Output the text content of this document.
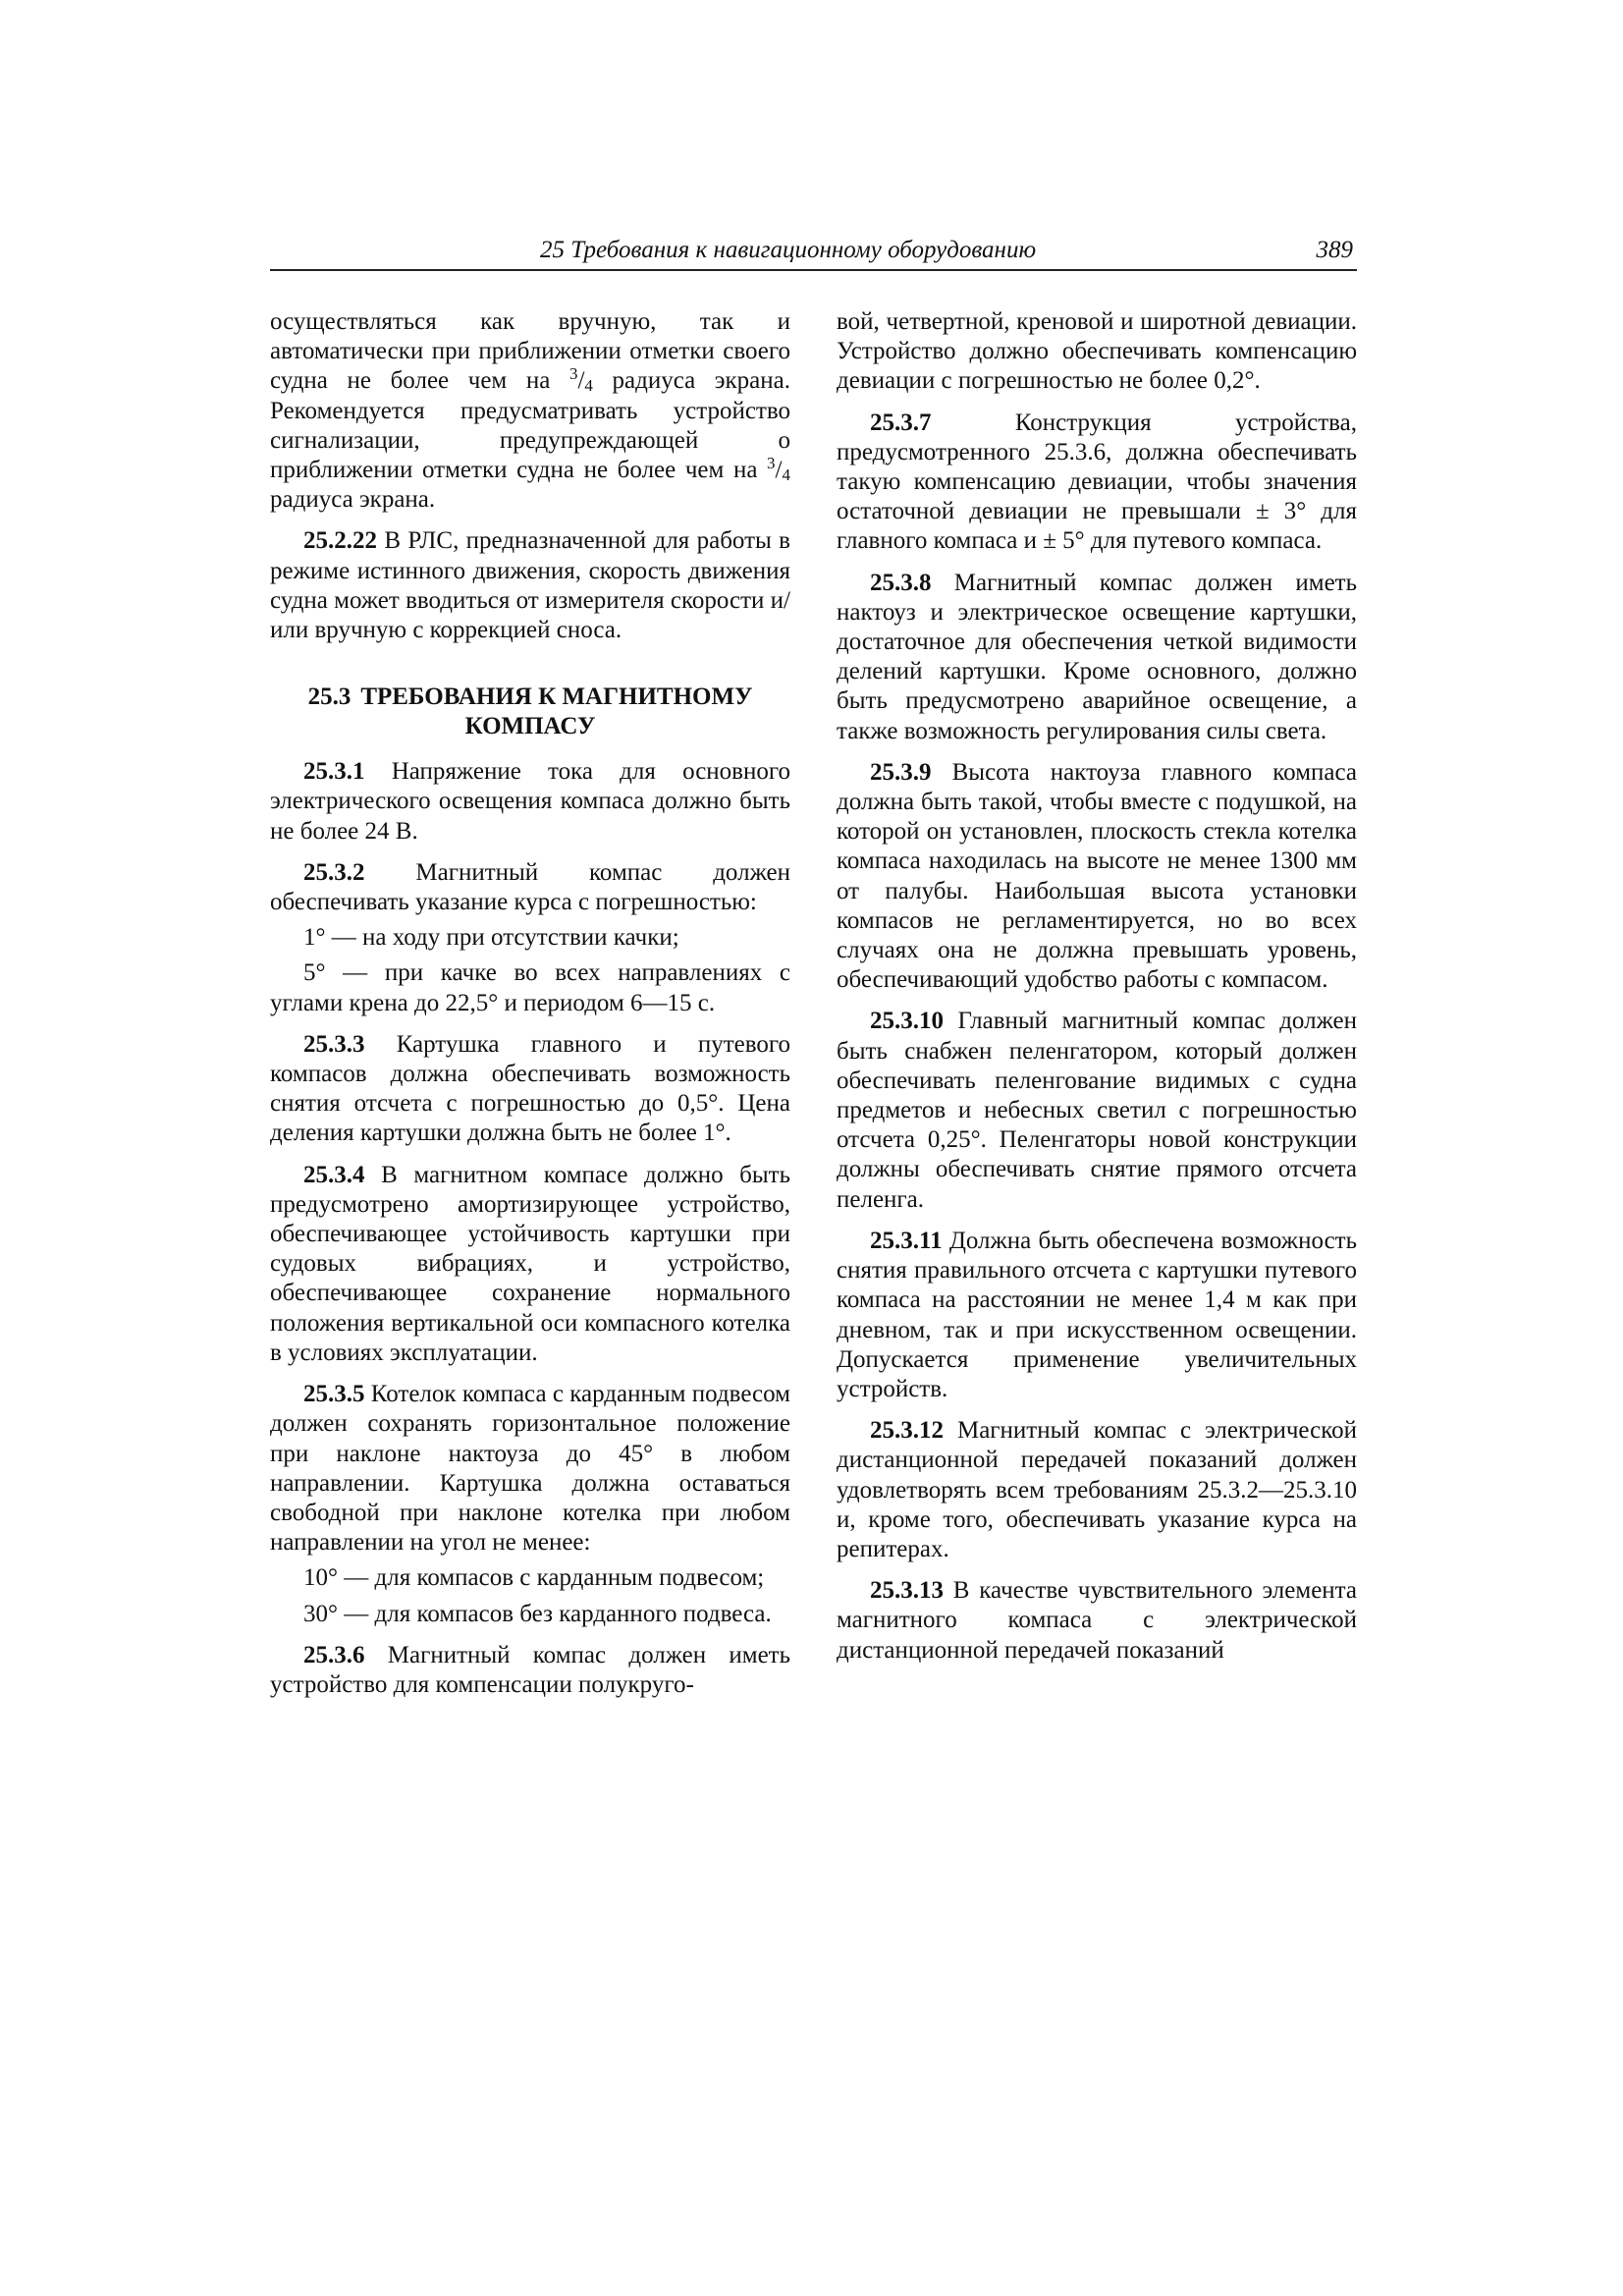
25 Требования к навигационному оборудованию	389

осуществляться как вручную, так и автоматически при приближении отметки своего судна не более чем на $^3/_4$ радиуса экрана. Рекомендуется предусматривать устройство сигнализации, предупреждающей о приближении отметки судна не более чем на $^3/_4$ радиуса экрана.

25.2.22 В РЛС, предназначенной для работы в режиме истинного движения, скорость движения судна может вводиться от измерителя скорости и/или вручную с коррекцией сноса.

25.3 ТРЕБОВАНИЯ К МАГНИТНОМУ КОМПАСУ

25.3.1 Напряжение тока для основного электрического освещения компаса должно быть не более 24 В.

25.3.2 Магнитный компас должен обеспечивать указание курса с погрешностью:

1° — на ходу при отсутствии качки;

5° — при качке во всех направлениях с углами крена до 22,5° и периодом 6—15 с.

25.3.3 Картушка главного и путевого компасов должна обеспечивать возможность снятия отсчета с погрешностью до 0,5°. Цена деления картушки должна быть не более 1°.

25.3.4 В магнитном компасе должно быть предусмотрено амортизирующее устройство, обеспечивающее устойчивость картушки при судовых вибрациях, и устройство, обеспечивающее сохранение нормального положения вертикальной оси компасного котелка в условиях эксплуатации.

25.3.5 Котелок компаса с карданным подвесом должен сохранять горизонтальное положение при наклоне нактоуза до 45° в любом направлении. Картушка должна оставаться свободной при наклоне котелка при любом направлении на угол не менее:

10° — для компасов с карданным подвесом;

30° — для компасов без карданного подвеса.

25.3.6 Магнитный компас должен иметь устройство для компенсации полукруго-

вой, четвертной, креновой и широтной девиации. Устройство должно обеспечивать компенсацию девиации с погрешностью не более 0,2°.

25.3.7 Конструкция устройства, предусмотренного 25.3.6, должна обеспечивать такую компенсацию девиации, чтобы значения остаточной девиации не превышали ± 3° для главного компаса и ± 5° для путевого компаса.

25.3.8 Магнитный компас должен иметь нактоуз и электрическое освещение картушки, достаточное для обеспечения четкой видимости делений картушки. Кроме основного, должно быть предусмотрено аварийное освещение, а также возможность регулирования силы света.

25.3.9 Высота нактоуза главного компаса должна быть такой, чтобы вместе с подушкой, на которой он установлен, плоскость стекла котелка компаса находилась на высоте не менее 1300 мм от палубы. Наибольшая высота установки компасов не регламентируется, но во всех случаях она не должна превышать уровень, обеспечивающий удобство работы с компасом.

25.3.10 Главный магнитный компас должен быть снабжен пеленгатором, который должен обеспечивать пеленгование видимых с судна предметов и небесных светил с погрешностью отсчета 0,25°. Пеленгаторы новой конструкции должны обеспечивать снятие прямого отсчета пеленга.

25.3.11 Должна быть обеспечена возможность снятия правильного отсчета с картушки путевого компаса на расстоянии не менее 1,4 м как при дневном, так и при искусственном освещении. Допускается применение увеличительных устройств.

25.3.12 Магнитный компас с электрической дистанционной передачей показаний должен удовлетворять всем требованиям 25.3.2—25.3.10 и, кроме того, обеспечивать указание курса на репитерах.

25.3.13 В качестве чувствительного элемента магнитного компаса с электрической дистанционной передачей показаний
